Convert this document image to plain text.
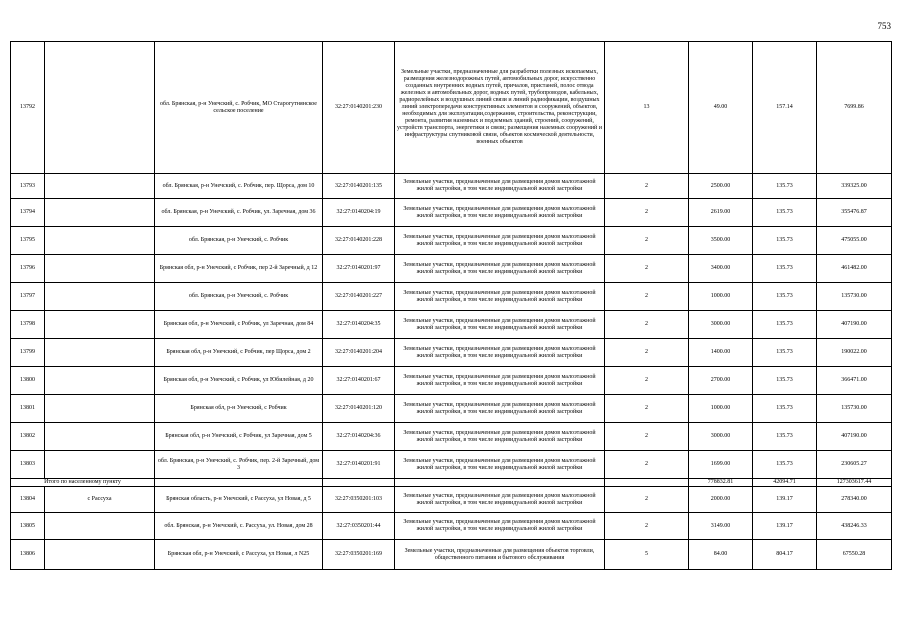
753
13792		обл. Брянская, р-н Унечский, с. Робчик, МО Старогутнянское сельское поселение	32:27:0140201:230	Земельные участки, предназначенные для разработки полезных ископаемых, размещения железнодорожных путей, автомобильных дорог, искусственно созданных внутренних водных путей, причалов, пристаней, полос отвода железных и автомобильных дорог, водных путей, трубопроводов, кабельных, радиорелейных и воздушных линий связи и линий радиофикации, воздушных линий электропередачи конструктивных элементов и сооружений, объектов, необходимых для эксплуатации,содержания, строительства, реконструкции, ремонта, развития наземных и подземных зданий, строений, сооружений, устройств транспорта, энергетики и связи; размещения наземных сооружений и инфраструктуры спутниковой связи, объектов космической деятельности, военных объектов	13	49.00	157.14	7699.86
13793		обл. Брянская, р-н Унечский, с. Робчик, пер. Щорса, дом 10	32:27:0140201:135	Земельные участки, предназначенные для размещения домов малоэтажной жилой застройки, в том числе индивидуальной жилой застройки	2	2500.00	135.73	339325.00
13794		обл. Брянская, р-н Унечский, с. Робчик, ул. Заречная, дом 36	32:27:0140204:19	Земельные участки, предназначенные для размещения домов малоэтажной жилой застройки, в том числе индивидуальной жилой застройки	2	2619.00	135.73	355476.87
13795		обл. Брянская, р-н Унечский, с. Робчик	32:27:0140201:228	Земельные участки, предназначенные для размещения домов малоэтажной жилой застройки, в том числе индивидуальной жилой застройки	2	3500.00	135.73	475055.00
13796		Брянская обл, р-н Унечский, с Робчик, пер 2-й Заречный, д 12	32:27:0140201:97	Земельные участки, предназначенные для размещения домов малоэтажной жилой застройки, в том числе индивидуальной жилой застройки	2	3400.00	135.73	461482.00
13797		обл. Брянская, р-н Унечский, с. Робчик	32:27:0140201:227	Земельные участки, предназначенные для размещения домов малоэтажной жилой застройки, в том числе индивидуальной жилой застройки	2	1000.00	135.73	135730.00
13798		Брянская обл, р-н Унечский, с Робчик, ул Заречная, дом 84	32:27:0140204:35	Земельные участки, предназначенные для размещения домов малоэтажной жилой застройки, в том числе индивидуальной жилой застройки	2	3000.00	135.73	407190.00
13799		Брянская обл, р-н Унечский, с Робчик, пер Щорса, дом 2	32:27:0140201:204	Земельные участки, предназначенные для размещения домов малоэтажной жилой застройки, в том числе индивидуальной жилой застройки	2	1400.00	135.73	190022.00
13800		Брянская обл, р-н Унечский, с Робчик, ул Юбилейная, д 20	32:27:0140201:67	Земельные участки, предназначенные для размещения домов малоэтажной жилой застройки, в том числе индивидуальной жилой застройки	2	2700.00	135.73	366471.00
13801		Брянская обл, р-н Унечский, с Робчик	32:27:0140201:120	Земельные участки, предназначенные для размещения домов малоэтажной жилой застройки, в том числе индивидуальной жилой застройки	2	1000.00	135.73	135730.00
13802		Брянская обл, р-н Унечский, с Робчик, ул Заречная, дом 5	32:27:0140204:36	Земельные участки, предназначенные для размещения домов малоэтажной жилой застройки, в том числе индивидуальной жилой застройки	2	3000.00	135.73	407190.00
13803		обл. Брянская, р-н Унечский, с. Робчик, пер. 2-й Заречный, дом 3	32:27:0140201:91	Земельные участки, предназначенные для размещения домов малоэтажной жилой застройки, в том числе индивидуальной жилой застройки	2	1699.00	135.73	230605.27
Итого по населенному пункту						778832.81	42094.71	127303617.44
13804	с Рассуха	Брянская область, р-н Унечский, с Рассуха, ул Новая, д 5	32:27:0350201:103	Земельные участки, предназначенные для размещения домов малоэтажной жилой застройки, в том числе индивидуальной жилой застройки	2	2000.00	139.17	278340.00
13805		обл. Брянская, р-н Унечский, с. Рассуха, ул. Новая, дом 28	32:27:0350201:44	Земельные участки, предназначенные для размещения домов малоэтажной жилой застройки, в том числе индивидуальной жилой застройки	2	3149.00	139.17	438246.33
13806		Брянская обл, р-н Унечский, с Рассуха, ул Новая, л N25	32:27:0350201:169	Земельные участки, предназначенные для размещения объектов торговли, общественного питания и бытового обслуживания	5	84.00	804.17	67550.28
